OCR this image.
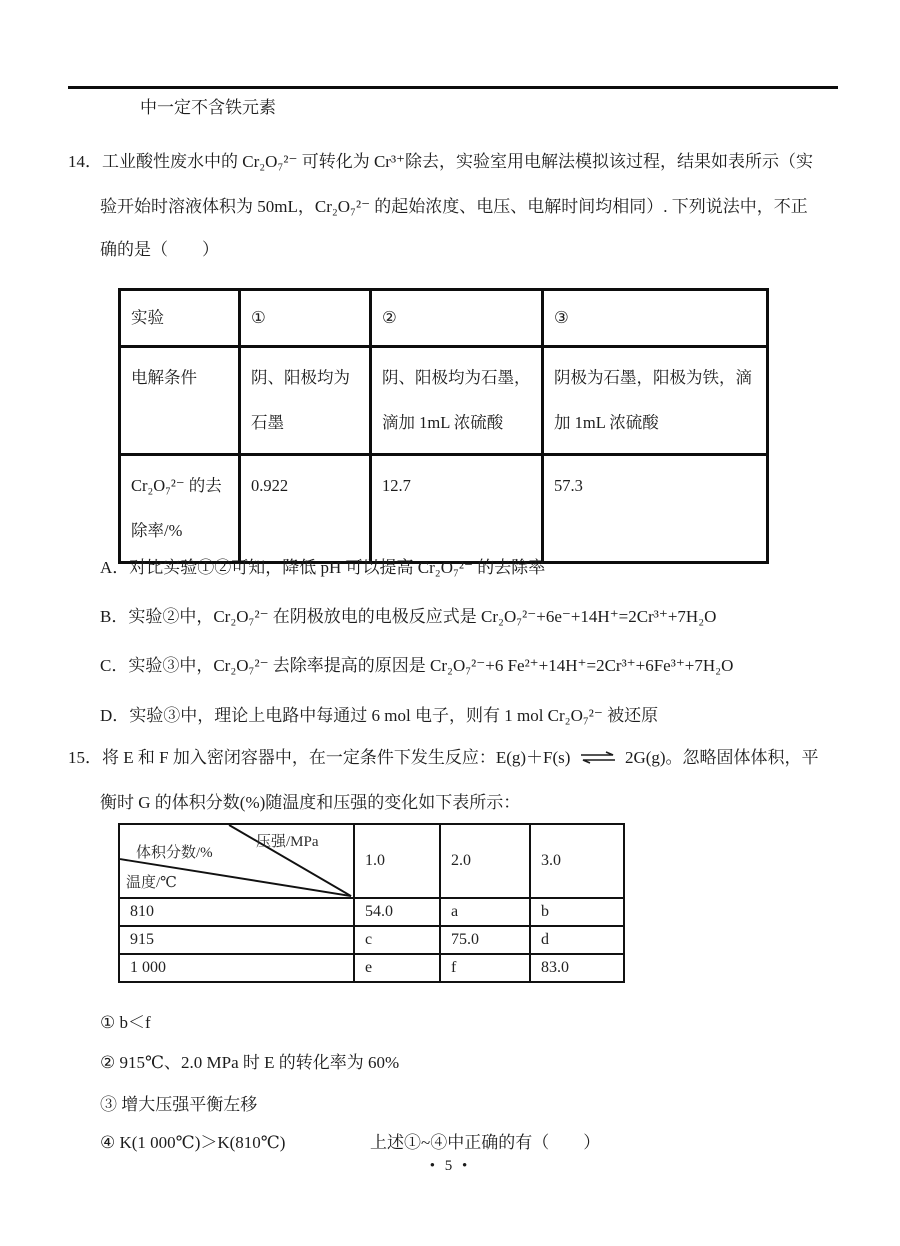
中一定不含铁元素
14．工业酸性废水中的 Cr₂O₇²⁻ 可转化为 Cr³⁺除去，实验室用电解法模拟该过程，结果如表所示（实
验开始时溶液体积为 50mL，Cr₂O₇²⁻ 的起始浓度、电压、电解时间均相同）. 下列说法中，不正
确的是（　　）
实验	①	②	③
电解条件	阴、阳极均为石墨	阴、阳极均为石墨，滴加 1mL 浓硫酸	阴极为石墨，阳极为铁，滴加 1mL 浓硫酸
Cr₂O₇²⁻ 的去除率/%	0.922	12.7	57.3
A．对比实验①②可知，降低 pH 可以提高 Cr₂O₇²⁻ 的去除率
B．实验②中，Cr₂O₇²⁻ 在阴极放电的电极反应式是 Cr₂O₇²⁻+6e⁻+14H⁺=2Cr³⁺+7H₂O
C．实验③中，Cr₂O₇²⁻ 去除率提高的原因是 Cr₂O₇²⁻+6 Fe²⁺+14H⁺=2Cr³⁺+6Fe³⁺+7H₂O
D．实验③中，理论上电路中每通过 6 mol 电子，则有 1 mol Cr₂O₇²⁻ 被还原
15．将 E 和 F 加入密闭容器中，在一定条件下发生反应：E(g)＋F(s) ⇌ 2G(g)。忽略固体体积，平
衡时 G 的体积分数(%)随温度和压强的变化如下表所示：
体积分数/%
压强/MPa
温度/℃	1.0	2.0	3.0
810	54.0	a	b
915	c	75.0	d
1 000	e	f	83.0
① b＜f
② 915℃、2.0 MPa 时 E 的转化率为 60%
③ 增大压强平衡左移
④ K(1 000℃)＞K(810℃)	上述①~④中正确的有（　　）
• 5 •
